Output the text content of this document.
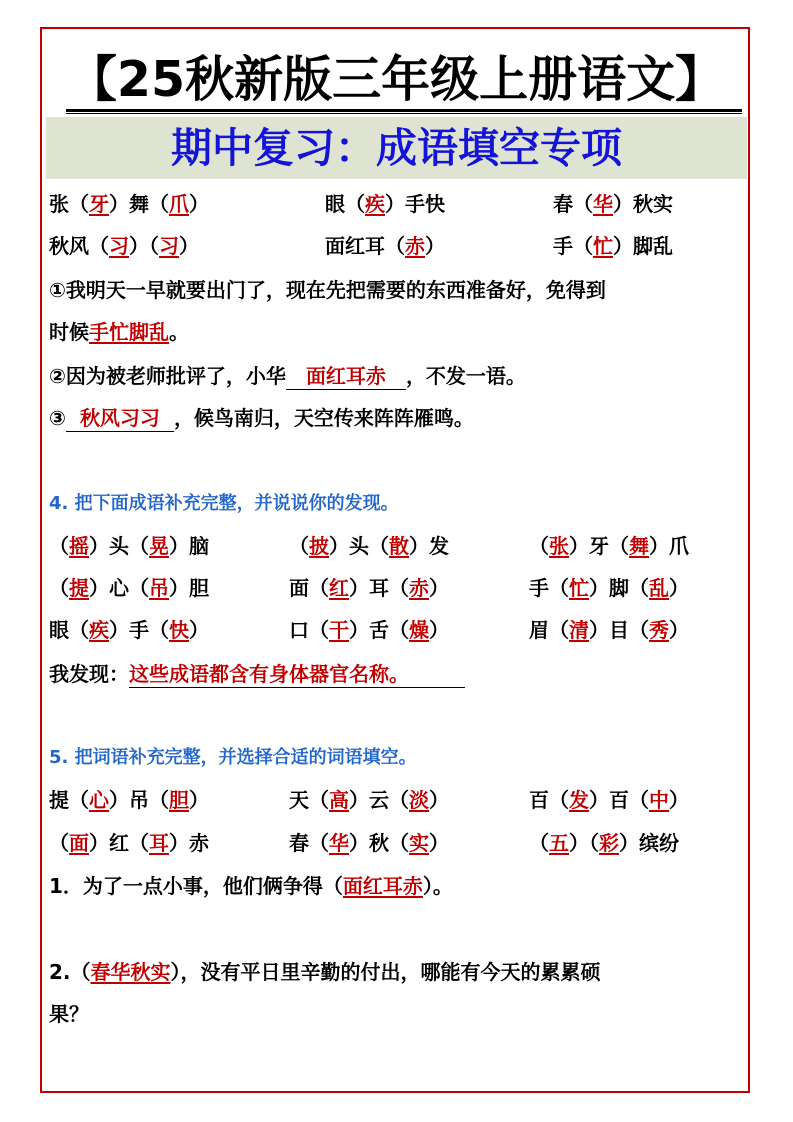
【25秋新版三年级上册语文】
期中复习：成语填空专项
张（牙）舞（爪）	眼（疾）手快	春（华）秋实
秋风（习）（习）	面红耳（赤）	手（忙）脚乱
①我明天一早就要出门了，现在先把需要的东西准备好，免得到
时候手忙脚乱。
②因为被老师批评了，小华 面红耳赤 ，不发一语。
③ 秋风习习 ，候鸟南归，天空传来阵阵雁鸣。
4. 把下面成语补充完整，并说说你的发现。
（摇）头（晃）脑	（披）头（散）发	（张）牙（舞）爪
（提）心（吊）胆	面（红）耳（赤）	手（忙）脚（乱）
眼（疾）手（快）	口（干）舌（燥）	眉（清）目（秀）
我发现：这些成语都含有身体器官名称。
5. 把词语补充完整，并选择合适的词语填空。
提（心）吊（胆）	天（高）云（淡）	百（发）百（中）
（面）红（耳）赤	春（华）秋（实）	（五）（彩）缤纷
1．为了一点小事，他们俩争得（面红耳赤）。
2.（春华秋实），没有平日里辛勤的付出，哪能有今天的累累硕
果？
